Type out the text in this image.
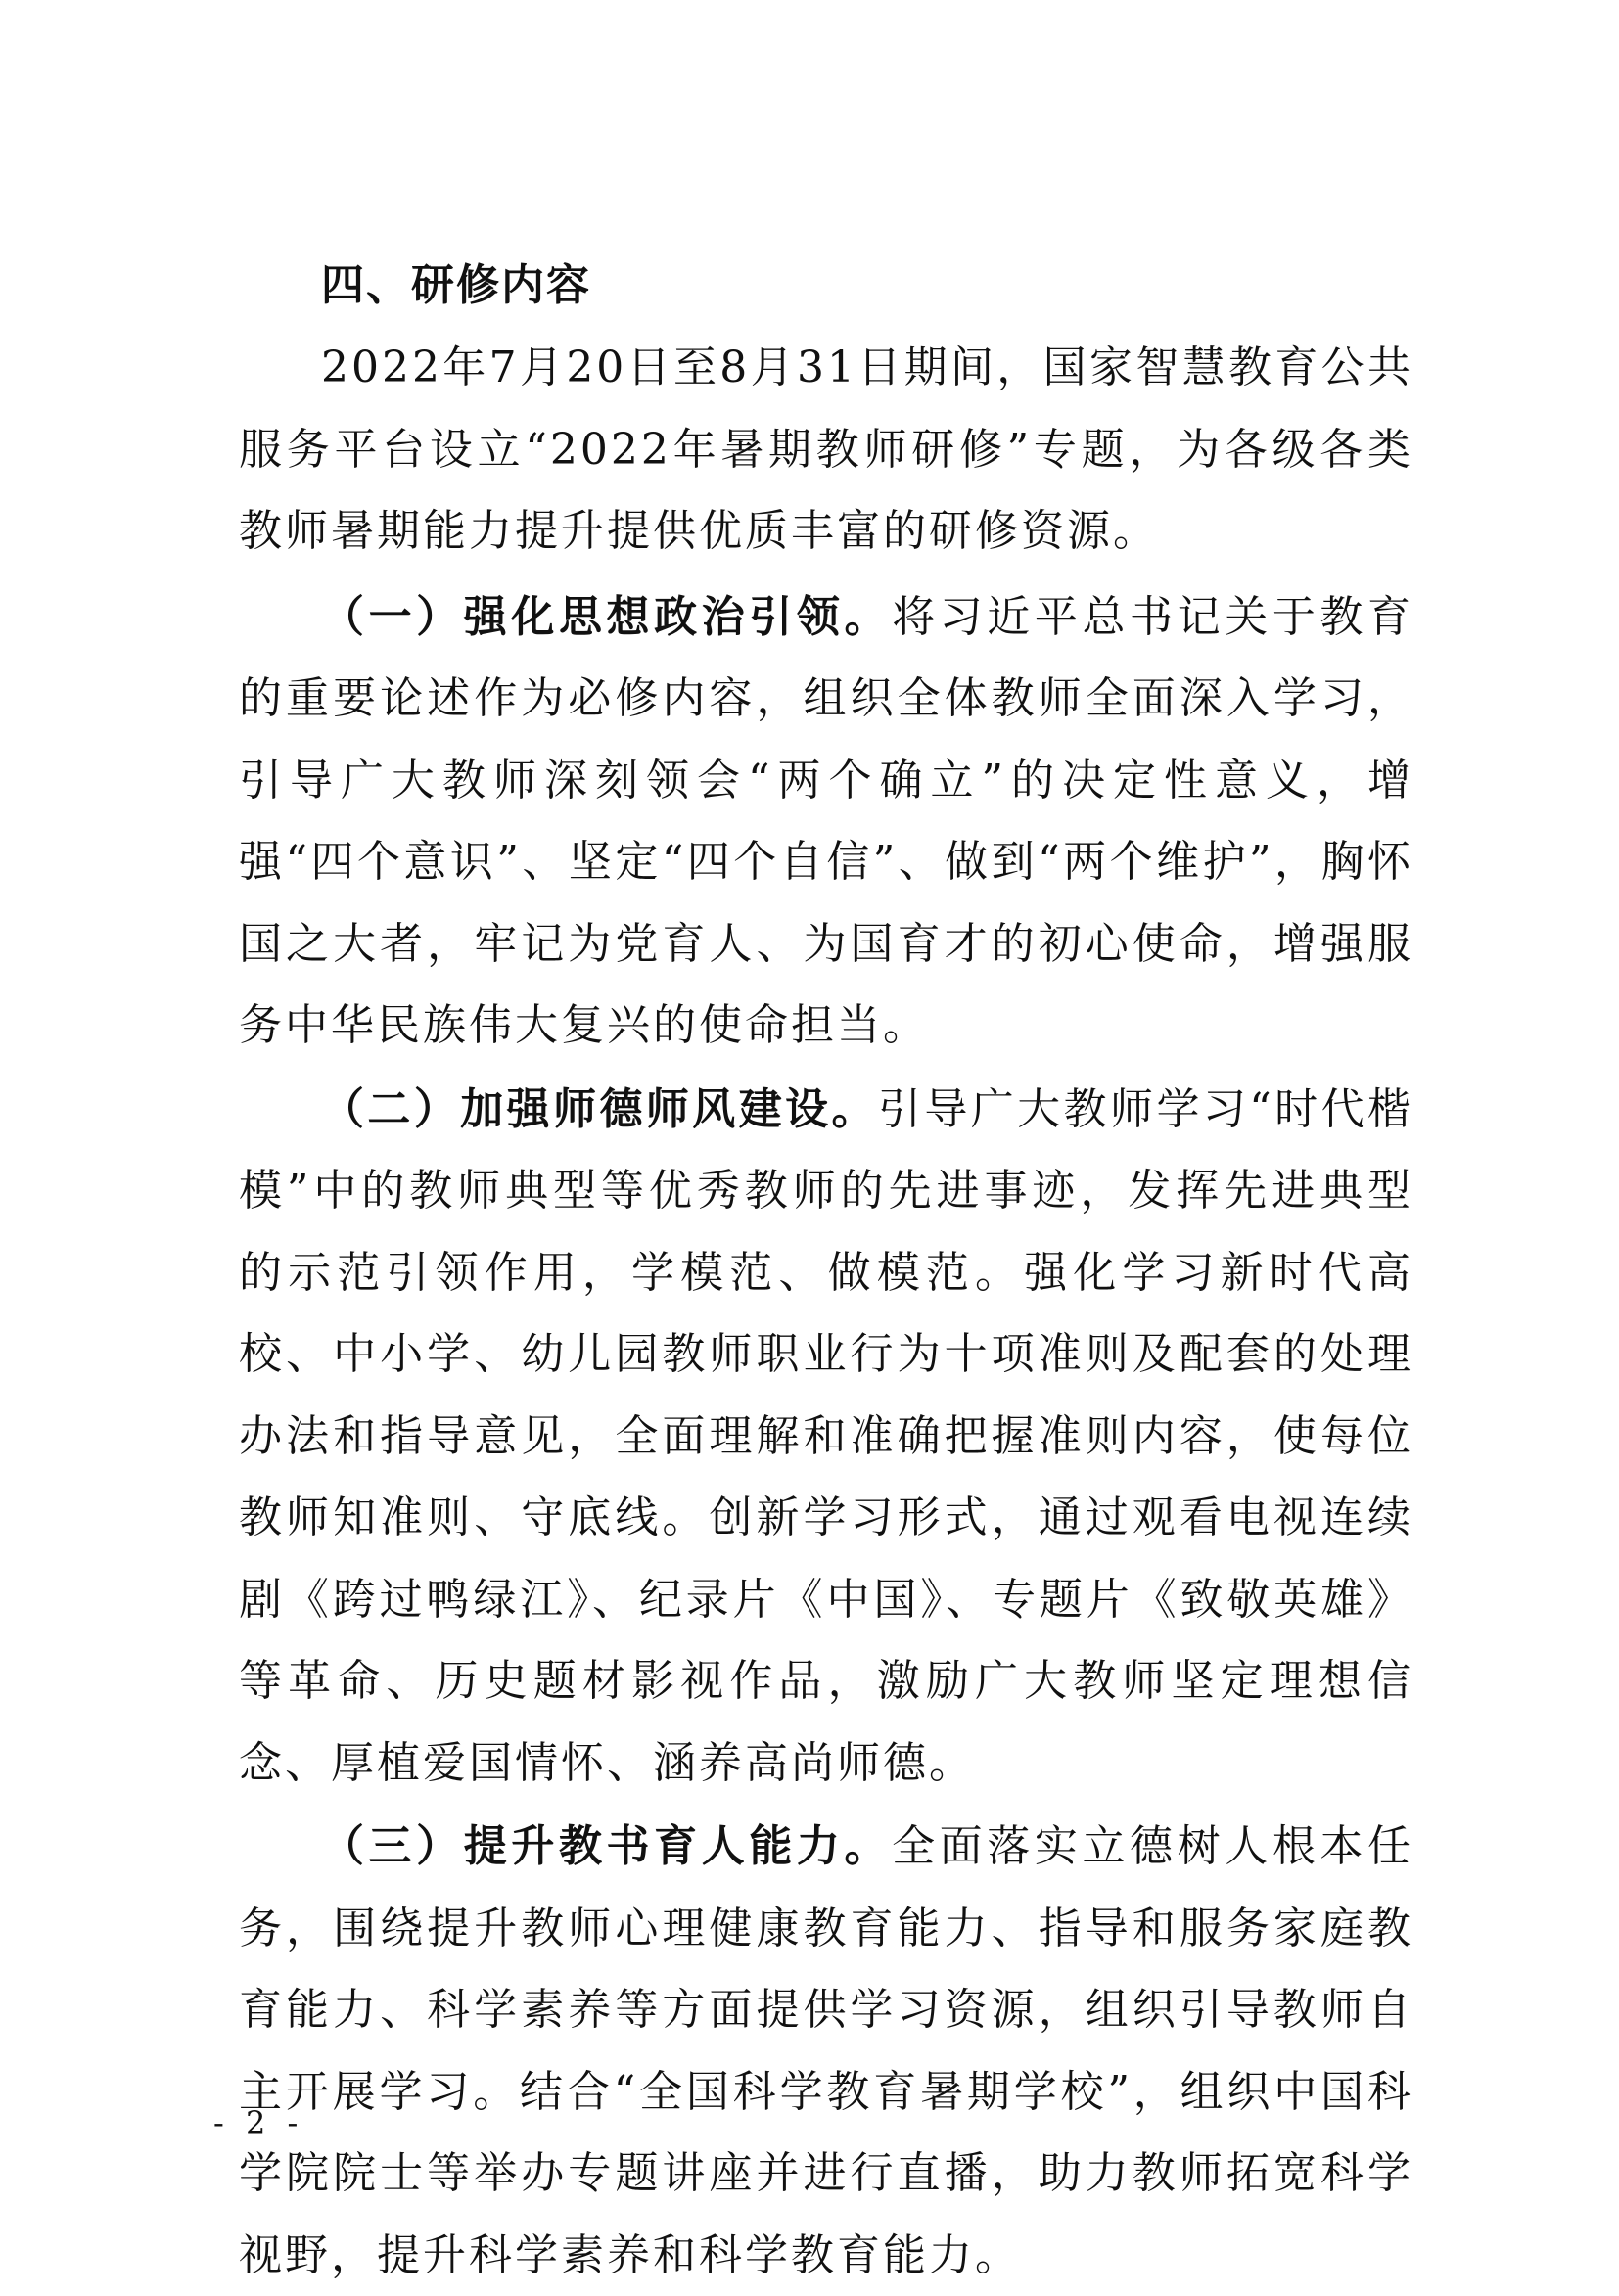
四、研修内容

2022年7月20日至8月31日期间，国家智慧教育公共服务平台设立“2022年暑期教师研修”专题，为各级各类教师暑期能力提升提供优质丰富的研修资源。

（一）强化思想政治引领。将习近平总书记关于教育的重要论述作为必修内容，组织全体教师全面深入学习，引导广大教师深刻领会“两个确立”的决定性意义，增强“四个意识”、坚定“四个自信”、做到“两个维护”，胸怀国之大者，牢记为党育人、为国育才的初心使命，增强服务中华民族伟大复兴的使命担当。

（二）加强师德师风建设。引导广大教师学习“时代楷模”中的教师典型等优秀教师的先进事迹，发挥先进典型的示范引领作用，学模范、做模范。强化学习新时代高校、中小学、幼儿园教师职业行为十项准则及配套的处理办法和指导意见，全面理解和准确把握准则内容，使每位教师知准则、守底线。创新学习形式，通过观看电视连续剧《跨过鸭绿江》、纪录片《中国》、专题片《致敬英雄》等革命、历史题材影视作品，激励广大教师坚定理想信念、厚植爱国情怀、涵养高尚师德。

（三）提升教书育人能力。全面落实立德树人根本任务，围绕提升教师心理健康教育能力、指导和服务家庭教育能力、科学素养等方面提供学习资源，组织引导教师自主开展学习。结合“全国科学教育暑期学校”，组织中国科学院院士等举办专题讲座并进行直播，助力教师拓宽科学视野，提升科学素养和科学教育能力。

- 2 -
